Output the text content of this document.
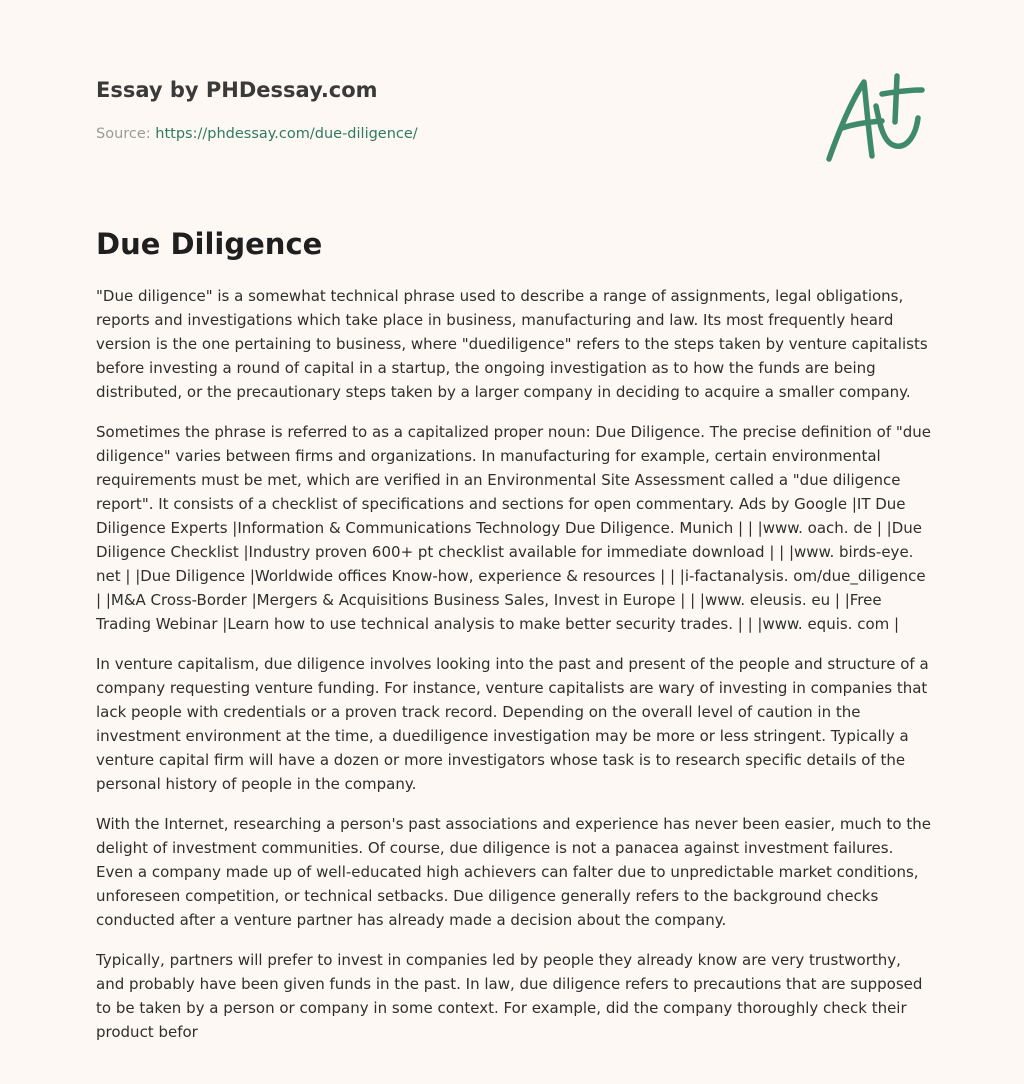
Essay by PHDessay.com
Source: https://phdessay.com/due-diligence/
Due Diligence

"Due diligence" is a somewhat technical phrase used to describe a range of assignments, legal obligations, reports and investigations which take place in business, manufacturing and law. Its most frequently heard version is the one pertaining to business, where "duediligence" refers to the steps taken by venture capitalists before investing a round of capital in a startup, the ongoing investigation as to how the funds are being distributed, or the precautionary steps taken by a larger company in deciding to acquire a smaller company.

Sometimes the phrase is referred to as a capitalized proper noun: Due Diligence. The precise definition of "due diligence" varies between firms and organizations. In manufacturing for example, certain environmental requirements must be met, which are verified in an Environmental Site Assessment called a "due diligence report". It consists of a checklist of specifications and sections for open commentary. Ads by Google |IT Due Diligence Experts |Information & Communications Technology Due Diligence. Munich | | |www. oach. de | |Due Diligence Checklist |Industry proven 600+ pt checklist available for immediate download | | |www. birds-eye. net | |Due Diligence |Worldwide offices Know-how, experience & resources | | |i-factanalysis. om/due_diligence | |M&A Cross-Border |Mergers & Acquisitions Business Sales, Invest in Europe | | |www. eleusis. eu | |Free Trading Webinar |Learn how to use technical analysis to make better security trades. | | |www. equis. com |

In venture capitalism, due diligence involves looking into the past and present of the people and structure of a company requesting venture funding. For instance, venture capitalists are wary of investing in companies that lack people with credentials or a proven track record. Depending on the overall level of caution in the investment environment at the time, a duediligence investigation may be more or less stringent. Typically a venture capital firm will have a dozen or more investigators whose task is to research specific details of the personal history of people in the company.

With the Internet, researching a person's past associations and experience has never been easier, much to the delight of investment communities. Of course, due diligence is not a panacea against investment failures. Even a company made up of well-educated high achievers can falter due to unpredictable market conditions, unforeseen competition, or technical setbacks. Due diligence generally refers to the background checks conducted after a venture partner has already made a decision about the company.

Typically, partners will prefer to invest in companies led by people they already know are very trustworthy, and probably have been given funds in the past. In law, due diligence refers to precautions that are supposed to be taken by a person or company in some context. For example, did the company thoroughly check their product befor
